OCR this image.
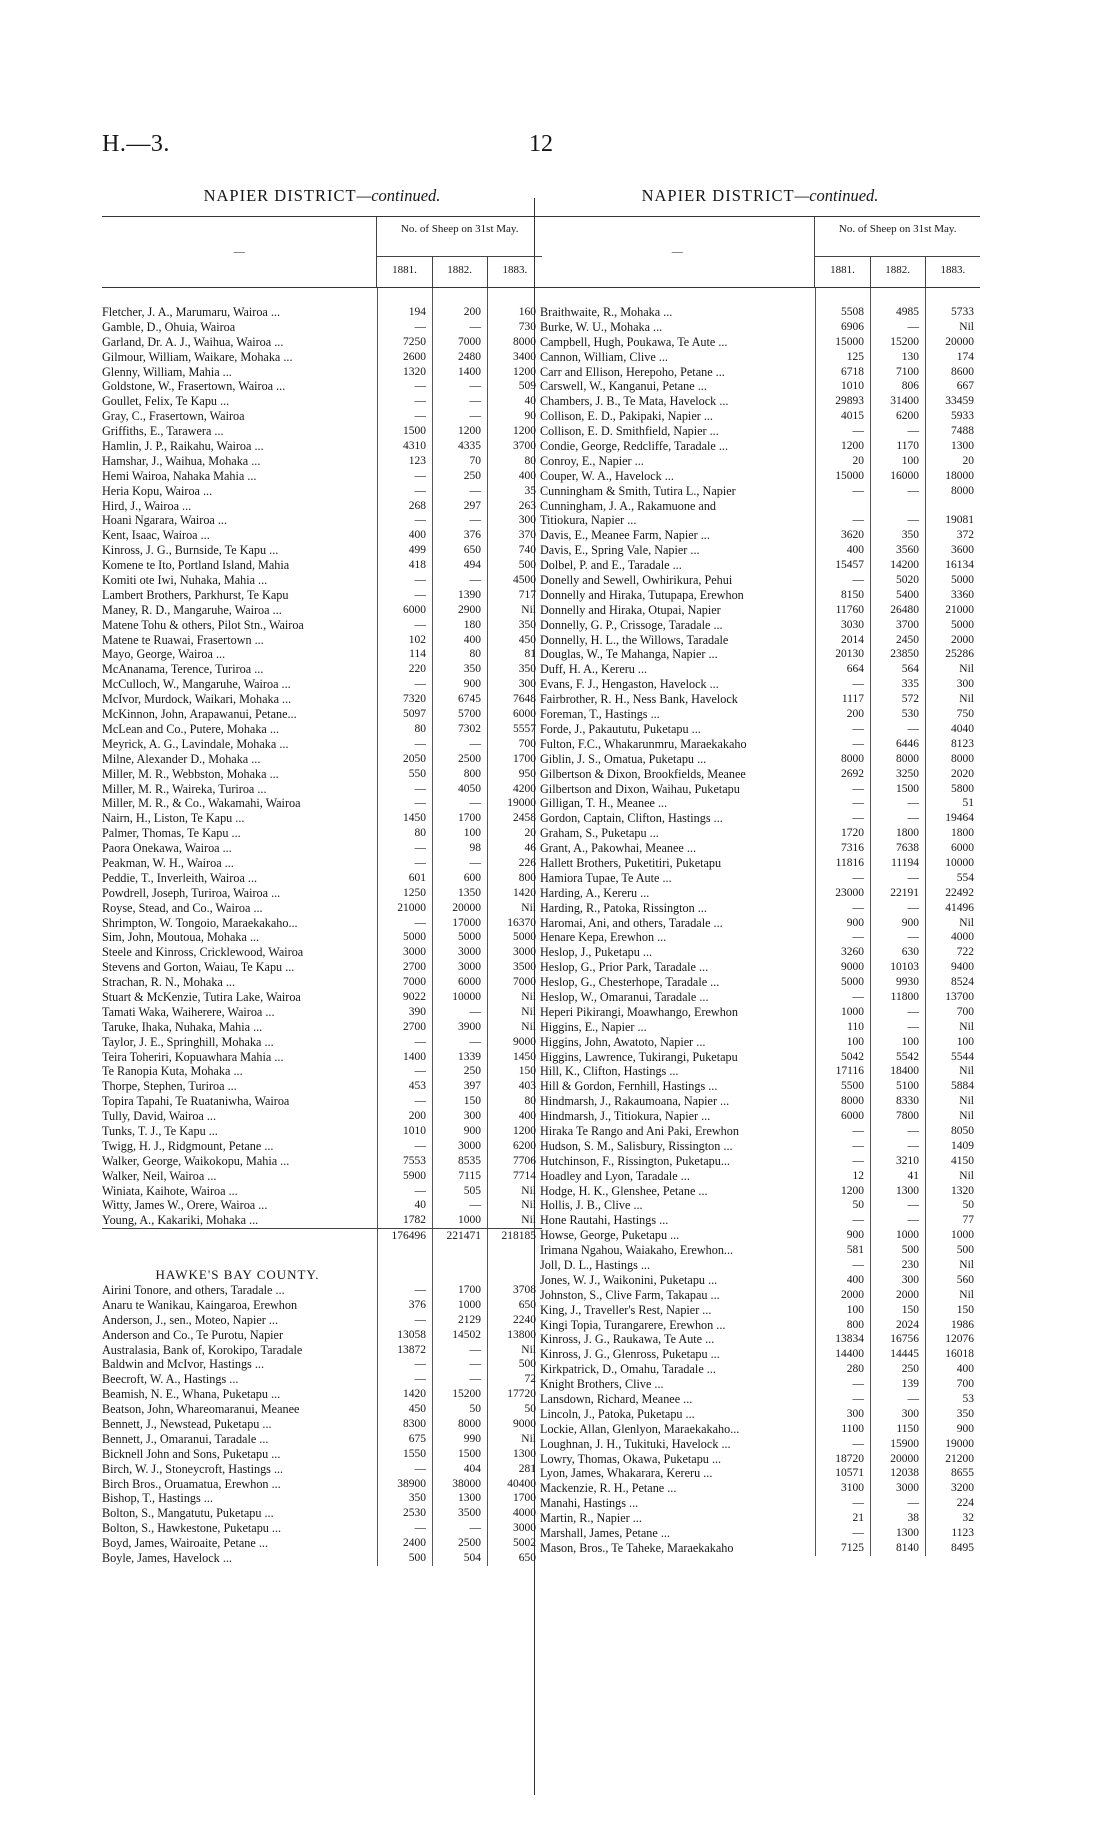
H.—3.	12
NAPIER DISTRICT—continued.
—
No. of Sheep on 31st May.
1881.	1882.	1883.
Fletcher, J. A., Marumaru, Wairoa ...	194	200	160
Gamble, D., Ohuia, Wairoa	—	—	730
Garland, Dr. A. J., Waihua, Wairoa ...	7250	7000	8000
Gilmour, William, Waikare, Mohaka ...	2600	2480	3400
Glenny, William, Mahia ...	1320	1400	1200
Goldstone, W., Frasertown, Wairoa ...	—	—	509
Goullet, Felix, Te Kapu ...	—	—	40
Gray, C., Frasertown, Wairoa	—	—	90
Griffiths, E., Tarawera ...	1500	1200	1200
Hamlin, J. P., Raikahu, Wairoa ...	4310	4335	3700
Hamshar, J., Waihua, Mohaka ...	123	70	80
Hemi Wairoa, Nahaka Mahia ...	—	250	400
Heria Kopu, Wairoa ...	—	—	35
Hird, J., Wairoa ...	268	297	263
Hoani Ngarara, Wairoa ...	—	—	300
Kent, Isaac, Wairoa ...	400	376	370
Kinross, J. G., Burnside, Te Kapu ...	499	650	740
Komene te Ito, Portland Island, Mahia	418	494	500
Komiti ote Iwi, Nuhaka, Mahia ...	—	—	4500
Lambert Brothers, Parkhurst, Te Kapu	—	1390	717
Maney, R. D., Mangaruhe, Wairoa ...	6000	2900	Nil
Matene Tohu & others, Pilot Stn., Wairoa	—	180	350
Matene te Ruawai, Frasertown ...	102	400	450
Mayo, George, Wairoa ...	114	80	81
McAnanama, Terence, Turiroa ...	220	350	350
McCulloch, W., Mangaruhe, Wairoa ...	—	900	300
McIvor, Murdock, Waikari, Mohaka ...	7320	6745	7648
McKinnon, John, Arapawanui, Petane...	5097	5700	6000
McLean and Co., Putere, Mohaka ...	80	7302	5557
Meyrick, A. G., Lavindale, Mohaka ...	—	—	700
Milne, Alexander D., Mohaka ...	2050	2500	1700
Miller, M. R., Webbston, Mohaka ...	550	800	950
Miller, M. R., Waireka, Turiroa ...	—	4050	4200
Miller, M. R., & Co., Wakamahi, Wairoa	—	—	19000
Nairn, H., Liston, Te Kapu ...	1450	1700	2458
Palmer, Thomas, Te Kapu ...	80	100	20
Paora Onekawa, Wairoa ...	—	98	46
Peakman, W. H., Wairoa ...	—	—	226
Peddie, T., Inverleith, Wairoa ...	601	600	800
Powdrell, Joseph, Turiroa, Wairoa ...	1250	1350	1420
Royse, Stead, and Co., Wairoa ...	21000	20000	Nil
Shrimpton, W. Tongoio, Maraekakaho...	—	17000	16370
Sim, John, Moutoua, Mohaka ...	5000	5000	5000
Steele and Kinross, Cricklewood, Wairoa	3000	3000	3000
Stevens and Gorton, Waiau, Te Kapu ...	2700	3000	3500
Strachan, R. N., Mohaka ...	7000	6000	7000
Stuart & McKenzie, Tutira Lake, Wairoa	9022	10000	Nil
Tamati Waka, Waiherere, Wairoa ...	390	—	Nil
Taruke, Ihaka, Nuhaka, Mahia ...	2700	3900	Nil
Taylor, J. E., Springhill, Mohaka ...	—	—	9000
Teira Toheriri, Kopuawhara Mahia ...	1400	1339	1450
Te Ranopia Kuta, Mohaka ...	—	250	150
Thorpe, Stephen, Turiroa ...	453	397	403
Topira Tapahi, Te Ruataniwha, Wairoa	—	150	80
Tully, David, Wairoa ...	200	300	400
Tunks, T. J., Te Kapu ...	1010	900	1200
Twigg, H. J., Ridgmount, Petane ...	—	3000	6200
Walker, George, Waikokopu, Mahia ...	7553	8535	7706
Walker, Neil, Wairoa ...	5900	7115	7714
Winiata, Kaihote, Wairoa ...	—	505	Nil
Witty, James W., Orere, Wairoa ...	40	—	Nil
Young, A., Kakariki, Mohaka ...	1782	1000	Nil
176496	221471	218185
HAWKE'S BAY COUNTY.
Airini Tonore, and others, Taradale ...	—	1700	3708
Anaru te Wanikau, Kaingaroa, Erewhon	376	1000	650
Anderson, J., sen., Moteo, Napier ...	—	2129	2240
Anderson and Co., Te Purotu, Napier	13058	14502	13800
Australasia, Bank of, Korokipo, Taradale	13872	—	Nil
Baldwin and McIvor, Hastings ...	—	—	500
Beecroft, W. A., Hastings ...	—	—	72
Beamish, N. E., Whana, Puketapu ...	1420	15200	17720
Beatson, John, Whareomaranui, Meanee	450	50	50
Bennett, J., Newstead, Puketapu ...	8300	8000	9000
Bennett, J., Omaranui, Taradale ...	675	990	Nil
Bicknell John and Sons, Puketapu ...	1550	1500	1300
Birch, W. J., Stoneycroft, Hastings ...	—	404	281
Birch Bros., Oruamatua, Erewhon ...	38900	38000	40400
Bishop, T., Hastings ...	350	1300	1700
Bolton, S., Mangatutu, Puketapu ...	2530	3500	4000
Bolton, S., Hawkestone, Puketapu ...	—	—	3000
Boyd, James, Wairoaite, Petane ...	2400	2500	5002
Boyle, James, Havelock ...	500	504	650
NAPIER DISTRICT—continued.
—
No. of Sheep on 31st May.
1881.	1882.	1883.
Braithwaite, R., Mohaka ...	5508	4985	5733
Burke, W. U., Mohaka ...	6906	—	Nil
Campbell, Hugh, Poukawa, Te Aute ...	15000	15200	20000
Cannon, William, Clive ...	125	130	174
Carr and Ellison, Herepoho, Petane ...	6718	7100	8600
Carswell, W., Kanganui, Petane ...	1010	806	667
Chambers, J. B., Te Mata, Havelock ...	29893	31400	33459
Collison, E. D., Pakipaki, Napier ...	4015	6200	5933
Collison, E. D. Smithfield, Napier ...	—	—	7488
Condie, George, Redcliffe, Taradale ...	1200	1170	1300
Conroy, E., Napier ...	20	100	20
Couper, W. A., Havelock ...	15000	16000	18000
Cunningham & Smith, Tutira L., Napier	—	—	8000
Cunningham, J. A., Rakamuone and
Titiokura, Napier ...	—	—	19081
Davis, E., Meanee Farm, Napier ...	3620	350	372
Davis, E., Spring Vale, Napier ...	400	3560	3600
Dolbel, P. and E., Taradale ...	15457	14200	16134
Donelly and Sewell, Owhirikura, Pehui	—	5020	5000
Donnelly and Hiraka, Tutupapa, Erewhon	8150	5400	3360
Donnelly and Hiraka, Otupai, Napier	11760	26480	21000
Donnelly, G. P., Crissoge, Taradale ...	3030	3700	5000
Donnelly, H. L., the Willows, Taradale	2014	2450	2000
Douglas, W., Te Mahanga, Napier ...	20130	23850	25286
Duff, H. A., Kereru ...	664	564	Nil
Evans, F. J., Hengaston, Havelock ...	—	335	300
Fairbrother, R. H., Ness Bank, Havelock	1117	572	Nil
Foreman, T., Hastings ...	200	530	750
Forde, J., Pakaututu, Puketapu ...	—	—	4040
Fulton, F.C., Whakarunmru, Maraekakaho	—	6446	8123
Giblin, J. S., Omatua, Puketapu ...	8000	8000	8000
Gilbertson & Dixon, Brookfields, Meanee	2692	3250	2020
Gilbertson and Dixon, Waihau, Puketapu	—	1500	5800
Gilligan, T. H., Meanee ...	—	—	51
Gordon, Captain, Clifton, Hastings ...	—	—	19464
Graham, S., Puketapu ...	1720	1800	1800
Grant, A., Pakowhai, Meanee ...	7316	7638	6000
Hallett Brothers, Puketitiri, Puketapu	11816	11194	10000
Hamiora Tupae, Te Aute ...	—	—	554
Harding, A., Kereru ...	23000	22191	22492
Harding, R., Patoka, Rissington ...	—	—	41496
Haromai, Ani, and others, Taradale ...	900	900	Nil
Henare Kepa, Erewhon ...	—	—	4000
Heslop, J., Puketapu ...	3260	630	722
Heslop, G., Prior Park, Taradale ...	9000	10103	9400
Heslop, G., Chesterhope, Taradale ...	5000	9930	8524
Heslop, W., Omaranui, Taradale ...	—	11800	13700
Heperi Pikirangi, Moawhango, Erewhon	1000	—	700
Higgins, E., Napier ...	110	—	Nil
Higgins, John, Awatoto, Napier ...	100	100	100
Higgins, Lawrence, Tukirangi, Puketapu	5042	5542	5544
Hill, K., Clifton, Hastings ...	17116	18400	Nil
Hill & Gordon, Fernhill, Hastings ...	5500	5100	5884
Hindmarsh, J., Rakaumoana, Napier ...	8000	8330	Nil
Hindmarsh, J., Titiokura, Napier ...	6000	7800	Nil
Hiraka Te Rango and Ani Paki, Erewhon	—	—	8050
Hudson, S. M., Salisbury, Rissington ...	—	—	1409
Hutchinson, F., Rissington, Puketapu...	—	3210	4150
Hoadley and Lyon, Taradale ...	12	41	Nil
Hodge, H. K., Glenshee, Petane ...	1200	1300	1320
Hollis, J. B., Clive ...	50	—	50
Hone Rautahi, Hastings ...	—	—	77
Howse, George, Puketapu ...	900	1000	1000
Irimana Ngahou, Waiakaho, Erewhon...	581	500	500
Joll, D. L., Hastings ...	—	230	Nil
Jones, W. J., Waikonini, Puketapu ...	400	300	560
Johnston, S., Clive Farm, Takapau ...	2000	2000	Nil
King, J., Traveller's Rest, Napier ...	100	150	150
Kingi Topia, Turangarere, Erewhon ...	800	2024	1986
Kinross, J. G., Raukawa, Te Aute ...	13834	16756	12076
Kinross, J. G., Glenross, Puketapu ...	14400	14445	16018
Kirkpatrick, D., Omahu, Taradale ...	280	250	400
Knight Brothers, Clive ...	—	139	700
Lansdown, Richard, Meanee ...	—	—	53
Lincoln, J., Patoka, Puketapu ...	300	300	350
Lockie, Allan, Glenlyon, Maraekakaho...	1100	1150	900
Loughnan, J. H., Tukituki, Havelock ...	—	15900	19000
Lowry, Thomas, Okawa, Puketapu ...	18720	20000	21200
Lyon, James, Whakarara, Kereru ...	10571	12038	8655
Mackenzie, R. H., Petane ...	3100	3000	3200
Manahi, Hastings ...	—	—	224
Martin, R., Napier ...	21	38	32
Marshall, James, Petane ...	—	1300	1123
Mason, Bros., Te Taheke, Maraekakaho	7125	8140	8495
